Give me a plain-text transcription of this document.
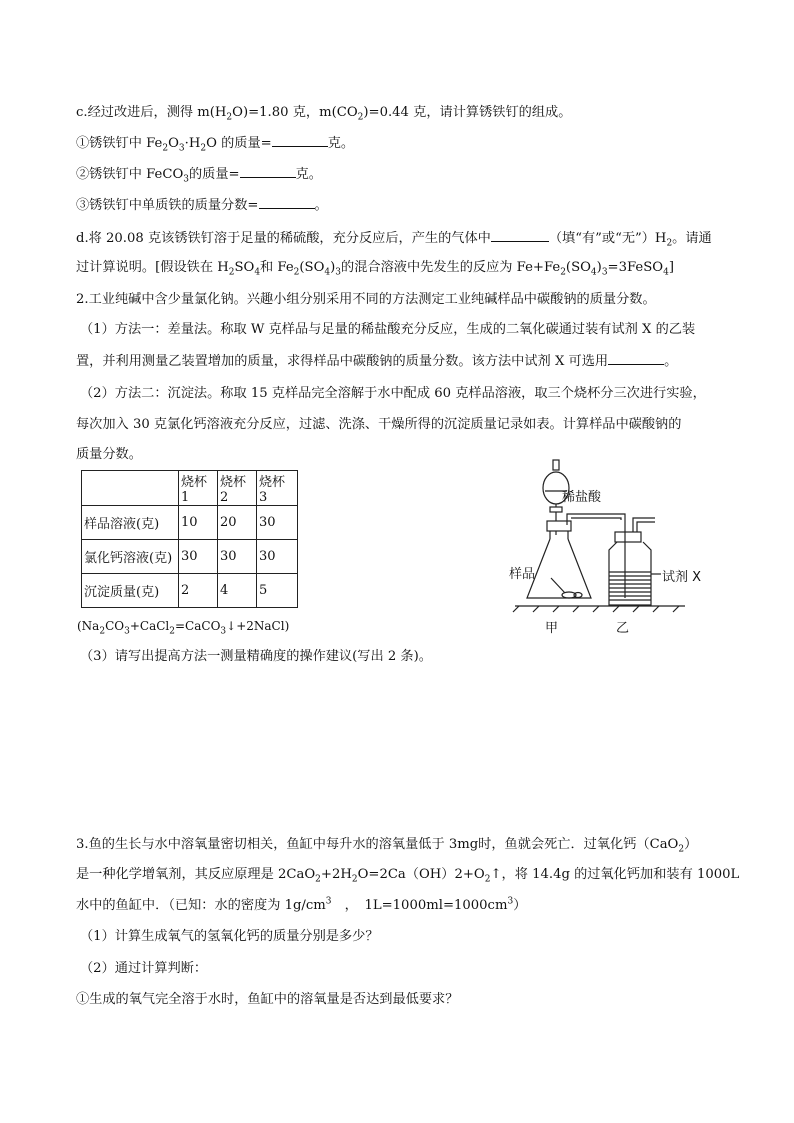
c.经过改进后，测得 $m(H_2O)=1.80$ 克，$m(CO_2)=0.44$ 克，请计算锈铁钉的组成。
①锈铁钉中 $Fe_2O_3\cdot H_2O$ 的质量=	克。
②锈铁钉中 FeCO$_3$的质量=	克。
③锈铁钉中单质铁的质量分数=	。
d.将 20.08 克该锈铁钉溶于足量的稀硫酸，充分反应后，产生的气体中	（填“有”或“无$”)H_2$。请通
过计算说明。[假设铁在 $H_2SO_4$和 $Fe_2(SO_4)_3$的混合溶液中先发生的反应为 $Fe+Fe_2(SO_4)_3=3FeSO_4$]
2.工业纯碱中含少量氯化钠。兴趣小组分别采用不同的方法测定工业纯碱样品中碳酸钠的质量分数。
（1）方法一：差量法。称取 W 克样品与足量的稀盐酸充分反应，生成的二氧化碳通过装有试剂 X 的乙装
置，并利用测量乙装置增加的质量，求得样品中碳酸钠的质量分数。该方法中试剂 X 可选用	。
（2）方法二：沉淀法。称取 15 克样品完全溶解于水中配成 60 克样品溶液，取三个烧杯分三次进行实验，
每次加入 30 克氯化钙溶液充分反应，过滤、洗涤、干燥所得的沉淀质量记录如表。计算样品中碳酸钠的
质量分数。
	烧杯 1	烧杯 2	烧杯 3
样品溶液(克)	10	20	30
氯化钙溶液(克)	30	30	30
沉淀质量(克)	2	4	5
$(Na_2CO_3+CaCl_2=CaCO_3↓+2NaCl)$
（3）请写出提高方法一测量精确度的操作建议(写出 2 条)。
稀盐酸
样品	试剂 X
甲	乙
3.鱼的生长与水中溶氧量密切相关，鱼缸中每升水的溶氧量低于 3mg时，鱼就会死亡．过氧化钙（CaO$_2$）
是一种化学增氧剂，其反应原理是 $2CaO_2+2H_2O=2Ca(OH)2+O_2↑$，将 14.4g 的过氧化钙加和装有 1000L
水中的鱼缸中．（已知：水的密度为 $1g/cm^3$　，　$1L=1000ml=1000cm^3$）
（1）计算生成氧气的氢氧化钙的质量分别是多少？
（2）通过计算判断：
①生成的氧气完全溶于水时，鱼缸中的溶氧量是否达到最低要求？
